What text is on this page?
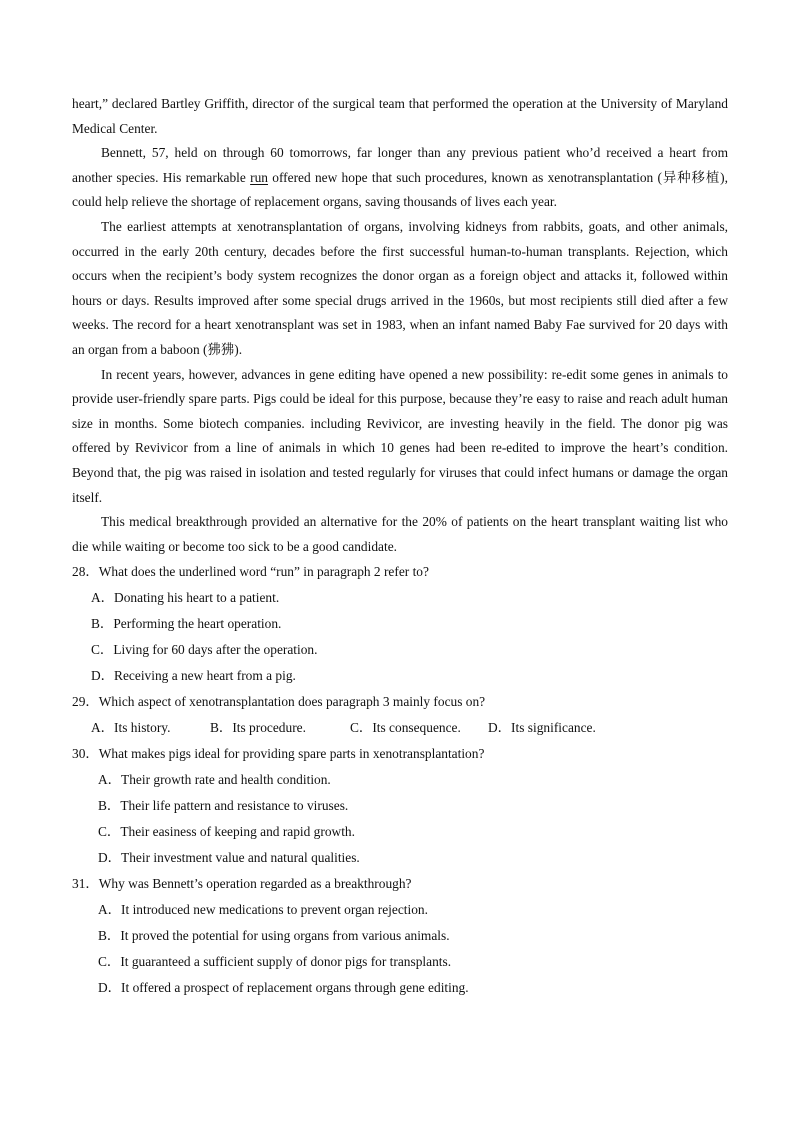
heart,” declared Bartley Griffith, director of the surgical team that performed the operation at the University of Maryland Medical Center.

Bennett, 57, held on through 60 tomorrows, far longer than any previous patient who’d received a heart from another species. His remarkable run offered new hope that such procedures, known as xenotransplantation (异种移植), could help relieve the shortage of replacement organs, saving thousands of lives each year.

The earliest attempts at xenotransplantation of organs, involving kidneys from rabbits, goats, and other animals, occurred in the early 20th century, decades before the first successful human-to-human transplants. Rejection, which occurs when the recipient’s body system recognizes the donor organ as a foreign object and attacks it, followed within hours or days. Results improved after some special drugs arrived in the 1960s, but most recipients still died after a few weeks. The record for a heart xenotransplant was set in 1983, when an infant named Baby Fae survived for 20 days with an organ from a baboon (狒狒).

In recent years, however, advances in gene editing have opened a new possibility: re-edit some genes in animals to provide user-friendly spare parts. Pigs could be ideal for this purpose, because they’re easy to raise and reach adult human size in months. Some biotech companies. including Revivicor, are investing heavily in the field. The donor pig was offered by Revivicor from a line of animals in which 10 genes had been re-edited to improve the heart’s condition. Beyond that, the pig was raised in isolation and tested regularly for viruses that could infect humans or damage the organ itself.

This medical breakthrough provided an alternative for the 20% of patients on the heart transplant waiting list who die while waiting or become too sick to be a good candidate.

28．What does the underlined word “run” in paragraph 2 refer to?

A．Donating his heart to a patient.

B．Performing the heart operation.

C．Living for 60 days after the operation.

D．Receiving a new heart from a pig.

29．Which aspect of xenotransplantation does paragraph 3 mainly focus on?

A．Its history.	B．Its procedure.	C．Its consequence.	D．Its significance.

30．What makes pigs ideal for providing spare parts in xenotransplantation?

A．Their growth rate and health condition.

B．Their life pattern and resistance to viruses.

C．Their easiness of keeping and rapid growth.

D．Their investment value and natural qualities.

31．Why was Bennett’s operation regarded as a breakthrough?

A．It introduced new medications to prevent organ rejection.

B．It proved the potential for using organs from various animals.

C．It guaranteed a sufficient supply of donor pigs for transplants.

D．It offered a prospect of replacement organs through gene editing.
